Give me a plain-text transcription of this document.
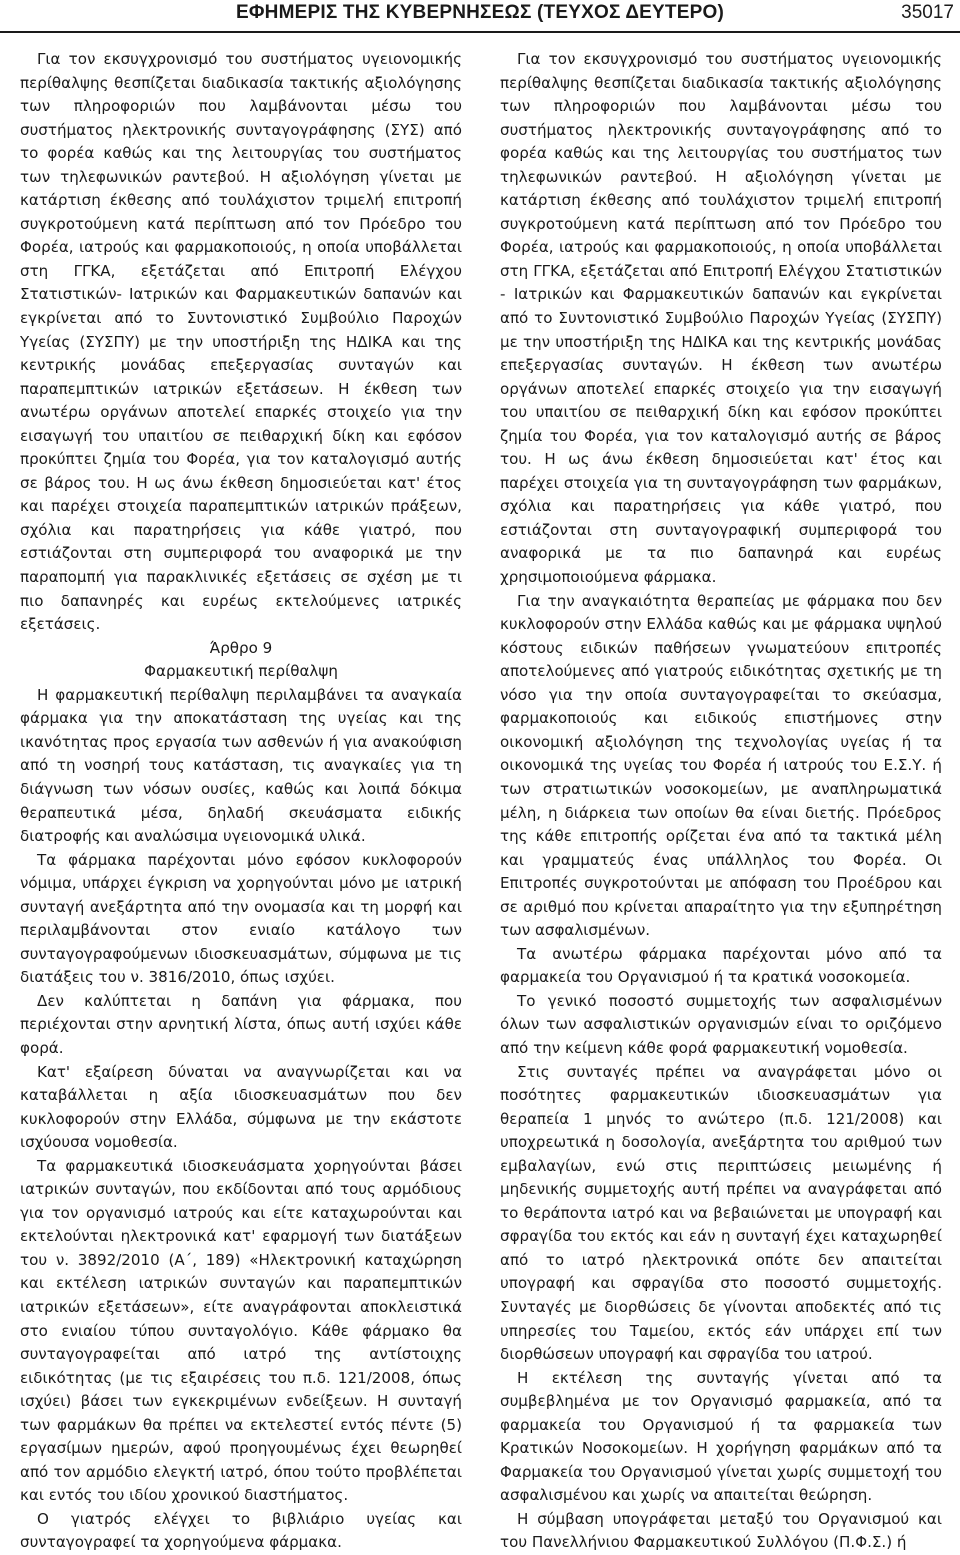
ΕΦΗΜΕΡΙΣ ΤΗΣ ΚΥΒΕΡΝΗΣΕΩΣ (ΤΕΥΧΟΣ ΔΕΥΤΕΡΟ)	35017

Για τον εκσυγχρονισμό του συστήματος υγειονομικής περίθαλψης θεσπίζεται διαδικασία τακτικής αξιολόγησης των πληροφοριών που λαμβάνονται μέσω του συστήματος ηλεκτρονικής συνταγογράφησης (ΣΥΣ) από το φορέα καθώς και της λειτουργίας του συστήματος των τηλεφωνικών ραντεβού. Η αξιολόγηση γίνεται με κατάρτιση έκθεσης από τουλάχιστον τριμελή επιτροπή συγκροτούμενη κατά περίπτωση από τον Πρόεδρο του Φορέα, ιατρούς και φαρμακοποιούς, η οποία υποβάλλεται στη ΓΓΚΑ, εξετάζεται από Επιτροπή Ελέγχου Στατιστικών- Ιατρικών και Φαρμακευτικών δαπανών και εγκρίνεται από το Συντονιστικό Συμβούλιο Παροχών Υγείας (ΣΥΣΠΥ) με την υποστήριξη της ΗΔΙΚΑ και της κεντρικής μονάδας επεξεργασίας συνταγών και παραπεμπτικών ιατρικών εξετάσεων. Η έκθεση των ανωτέρω οργάνων αποτελεί επαρκές στοιχείο για την εισαγωγή του υπαιτίου σε πειθαρχική δίκη και εφόσον προκύπτει ζημία του Φορέα, για τον καταλογισμό αυτής σε βάρος του. Η ως άνω έκθεση δημοσιεύεται κατ' έτος και παρέχει στοιχεία παραπεμπτικών ιατρικών πράξεων, σχόλια και παρατηρήσεις για κάθε γιατρό, που εστιάζονται στη συμπεριφορά του αναφορικά με την παραπομπή για παρακλινικές εξετάσεις σε σχέση με τι πιο δαπανηρές και ευρέως εκτελούμενες ιατρικές εξετάσεις.

Άρθρο 9

Φαρμακευτική περίθαλψη

Η φαρμακευτική περίθαλψη περιλαμβάνει τα αναγκαία φάρμακα για την αποκατάσταση της υγείας και της ικανότητας προς εργασία των ασθενών ή για ανακούφιση από τη νοσηρή τους κατάσταση, τις αναγκαίες για τη διάγνωση των νόσων ουσίες, καθώς και λοιπά δόκιμα θεραπευτικά μέσα, δηλαδή σκευάσματα ειδικής διατροφής και αναλώσιμα υγειονομικά υλικά.

Τα φάρμακα παρέχονται μόνο εφόσον κυκλοφορούν νόμιμα, υπάρχει έγκριση να χορηγούνται μόνο με ιατρική συνταγή ανεξάρτητα από την ονομασία και τη μορφή και περιλαμβάνονται στον ενιαίο κατάλογο των συνταγογραφούμενων ιδιοσκευασμάτων, σύμφωνα με τις διατάξεις του ν. 3816/2010, όπως ισχύει.

Δεν καλύπτεται η δαπάνη για φάρμακα, που περιέχονται στην αρνητική λίστα, όπως αυτή ισχύει κάθε φορά.

Κατ' εξαίρεση δύναται να αναγνωρίζεται και να καταβάλλεται η αξία ιδιοσκευασμάτων που δεν κυκλοφορούν στην Ελλάδα, σύμφωνα με την εκάστοτε ισχύουσα νομοθεσία.

Τα φαρμακευτικά ιδιοσκευάσματα χορηγούνται βάσει ιατρικών συνταγών, που εκδίδονται από τους αρμόδιους για τον οργανισμό ιατρούς και είτε καταχωρούνται και εκτελούνται ηλεκτρονικά κατ' εφαρμογή των διατάξεων του ν. 3892/2010 (Α΄, 189) «Ηλεκτρονική καταχώρηση και εκτέλεση ιατρικών συνταγών και παραπεμπτικών ιατρικών εξετάσεων», είτε αναγράφονται αποκλειστικά στο ενιαίου τύπου συνταγολόγιο. Κάθε φάρμακο θα συνταγογραφείται από ιατρό της αντίστοιχης ειδικότητας (με τις εξαιρέσεις του π.δ. 121/2008, όπως ισχύει) βάσει των εγκεκριμένων ενδείξεων. Η συνταγή των φαρμάκων θα πρέπει να εκτελεστεί εντός πέντε (5) εργασίμων ημερών, αφού προηγουμένως έχει θεωρηθεί από τον αρμόδιο ελεγκτή ιατρό, όπου τούτο προβλέπεται και εντός του ιδίου χρονικού διαστήματος.

Ο γιατρός ελέγχει το βιβλιάριο υγείας και συνταγογραφεί τα χορηγούμενα φάρμακα.

Για τον εκσυγχρονισμό του συστήματος υγειονομικής περίθαλψης θεσπίζεται διαδικασία τακτικής αξιολόγησης των πληροφοριών που λαμβάνονται μέσω του συστήματος ηλεκτρονικής συνταγογράφησης από το φορέα καθώς και της λειτουργίας του συστήματος των τηλεφωνικών ραντεβού. Η αξιολόγηση γίνεται με κατάρτιση έκθεσης από τουλάχιστον τριμελή επιτροπή συγκροτούμενη κατά περίπτωση από τον Πρόεδρο του Φορέα, ιατρούς και φαρμακοποιούς, η οποία υποβάλλεται στη ΓΓΚΑ, εξετάζεται από Επιτροπή Ελέγχου Στατιστικών - Ιατρικών και Φαρμακευτικών δαπανών και εγκρίνεται από το Συντονιστικό Συμβούλιο Παροχών Υγείας (ΣΥΣΠΥ) με την υποστήριξη της ΗΔΙΚΑ και της κεντρικής μονάδας επεξεργασίας συνταγών. Η έκθεση των ανωτέρω οργάνων αποτελεί επαρκές στοιχείο για την εισαγωγή του υπαιτίου σε πειθαρχική δίκη και εφόσον προκύπτει ζημία του Φορέα, για τον καταλογισμό αυτής σε βάρος του. Η ως άνω έκθεση δημοσιεύεται κατ' έτος και παρέχει στοιχεία για τη συνταγογράφηση των φαρμάκων, σχόλια και παρατηρήσεις για κάθε γιατρό, που εστιάζονται στη συνταγογραφική συμπεριφορά του αναφορικά με τα πιο δαπανηρά και ευρέως χρησιμοποιούμενα φάρμακα.

Για την αναγκαιότητα θεραπείας με φάρμακα που δεν κυκλοφορούν στην Ελλάδα καθώς και με φάρμακα υψηλού κόστους ειδικών παθήσεων γνωματεύουν επιτροπές αποτελούμενες από γιατρούς ειδικότητας σχετικής με τη νόσο για την οποία συνταγογραφείται το σκεύασμα, φαρμακοποιούς και ειδικούς επιστήμονες στην οικονομική αξιολόγηση της τεχνολογίας υγείας ή τα οικονομικά της υγείας του Φορέα ή ιατρούς του Ε.Σ.Υ. ή των στρατιωτικών νοσοκομείων, με αναπληρωματικά μέλη, η διάρκεια των οποίων θα είναι διετής. Πρόεδρος της κάθε επιτροπής ορίζεται ένα από τα τακτικά μέλη και γραμματεύς ένας υπάλληλος του Φορέα. Οι Επιτροπές συγκροτούνται με απόφαση του Προέδρου και σε αριθμό που κρίνεται απαραίτητο για την εξυπηρέτηση των ασφαλισμένων.

Τα ανωτέρω φάρμακα παρέχονται μόνο από τα φαρμακεία του Οργανισμού ή τα κρατικά νοσοκομεία.

Το γενικό ποσοστό συμμετοχής των ασφαλισμένων όλων των ασφαλιστικών οργανισμών είναι το οριζόμενο από την κείμενη κάθε φορά φαρμακευτική νομοθεσία.

Στις συνταγές πρέπει να αναγράφεται μόνο οι ποσότητες φαρμακευτικών ιδιοσκευασμάτων για θεραπεία 1 μηνός το ανώτερο (π.δ. 121/2008) και υποχρεωτικά η δοσολογία, ανεξάρτητα του αριθμού των εμβαλαγίων, ενώ στις περιπτώσεις μειωμένης ή μηδενικής συμμετοχής αυτή πρέπει να αναγράφεται από το θεράποντα ιατρό και να βεβαιώνεται με υπογραφή και σφραγίδα του εκτός και εάν η συνταγή έχει καταχωρηθεί από το ιατρό ηλεκτρονικά οπότε δεν απαιτείται υπογραφή και σφραγίδα στο ποσοστό συμμετοχής. Συνταγές με διορθώσεις δε γίνονται αποδεκτές από τις υπηρεσίες του Ταμείου, εκτός εάν υπάρχει επί των διορθώσεων υπογραφή και σφραγίδα του ιατρού.

Η εκτέλεση της συνταγής γίνεται από τα συμβεβλημένα με τον Οργανισμό φαρμακεία, από τα φαρμακεία του Οργανισμού ή τα φαρμακεία των Κρατικών Νοσοκομείων. Η χορήγηση φαρμάκων από τα Φαρμακεία του Οργανισμού γίνεται χωρίς συμμετοχή του ασφαλισμένου και χωρίς να απαιτείται θεώρηση.

Η σύμβαση υπογράφεται μεταξύ του Οργανισμού και του Πανελλήνιου Φαρμακευτικού Συλλόγου (Π.Φ.Σ.) ή
